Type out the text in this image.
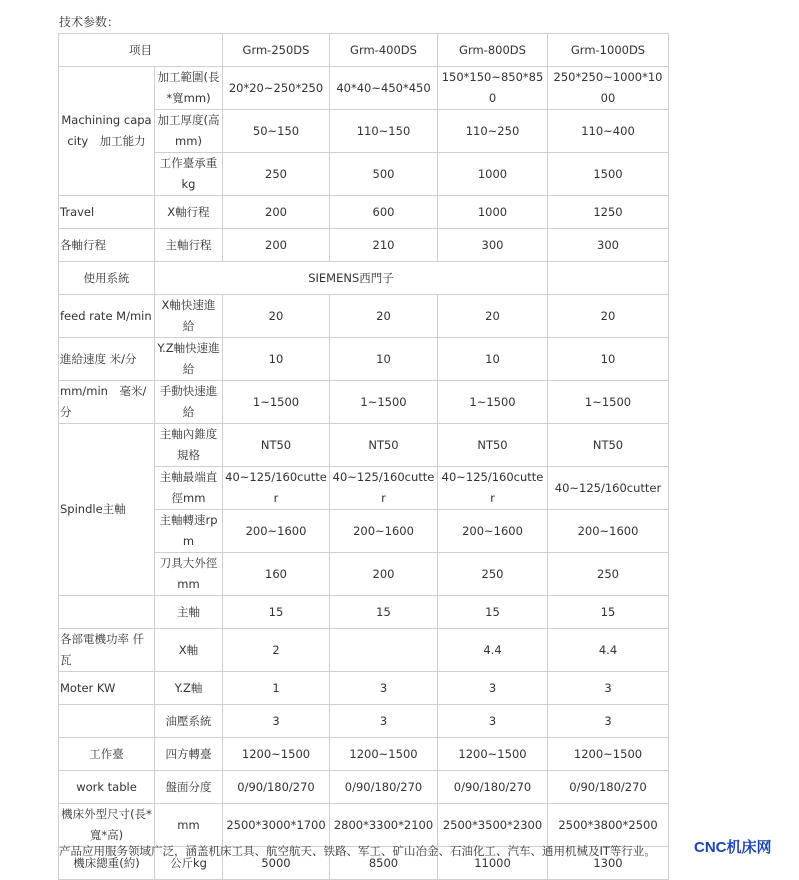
技术参数：
项目		Grm-250DS	Grm-400DS	Grm-800DS	Grm-1000DS
Machining capacity　加工能力	加工範圍(長*寬mm)	20*20~250*250	40*40~450*450	150*150~850*850	250*250~1000*1000
	加工厚度(高mm)	50~150	110~150	110~250	110~400
	工作臺承重kg	250	500	1000	1500
Travel	X軸行程	200	600	1000	1250
各軸行程	主軸行程	200	210	300	300
使用系統	SIEMENS西門子				
feed rate M/min	X軸快速進給	20	20	20	20
進給速度 米/分	Y.Z軸快速進給	10	10	10	10
mm/min　毫米/分	手動快速進給	1~1500	1~1500	1~1500	1~1500
Spindle主軸	主軸內錐度規格	NT50	NT50	NT50	NT50
	主軸最端直徑mm	40~125/160cutter	40~125/160cutter	40~125/160cutter	40~125/160cutter
	主軸轉速rpm	200~1600	200~1600	200~1600	200~1600
	刀具大外徑mm	160	200	250	250
	主軸	15	15	15	15
各部電機功率 仟瓦	X軸	2		4.4	4.4
Moter KW	Y.Z軸	1	3	3	3
	油壓系統	3	3	3	3
工作臺	四方轉臺	1200~1500	1200~1500	1200~1500	1200~1500
work table	盤面分度	0/90/180/270	0/90/180/270	0/90/180/270	0/90/180/270
機床外型尺寸(長*寬*高)	mm	2500*3000*1700	2800*3300*2100	2500*3500*2300	2500*3800*2500
機床總重(約)	公斤kg	5000	8500	11000	1300
产品应用服务领域广泛，涵盖机床工具、航空航天、铁路、军工、矿山冶金、石油化工、汽车、通用机械及IT等行业。	CNC机床网
